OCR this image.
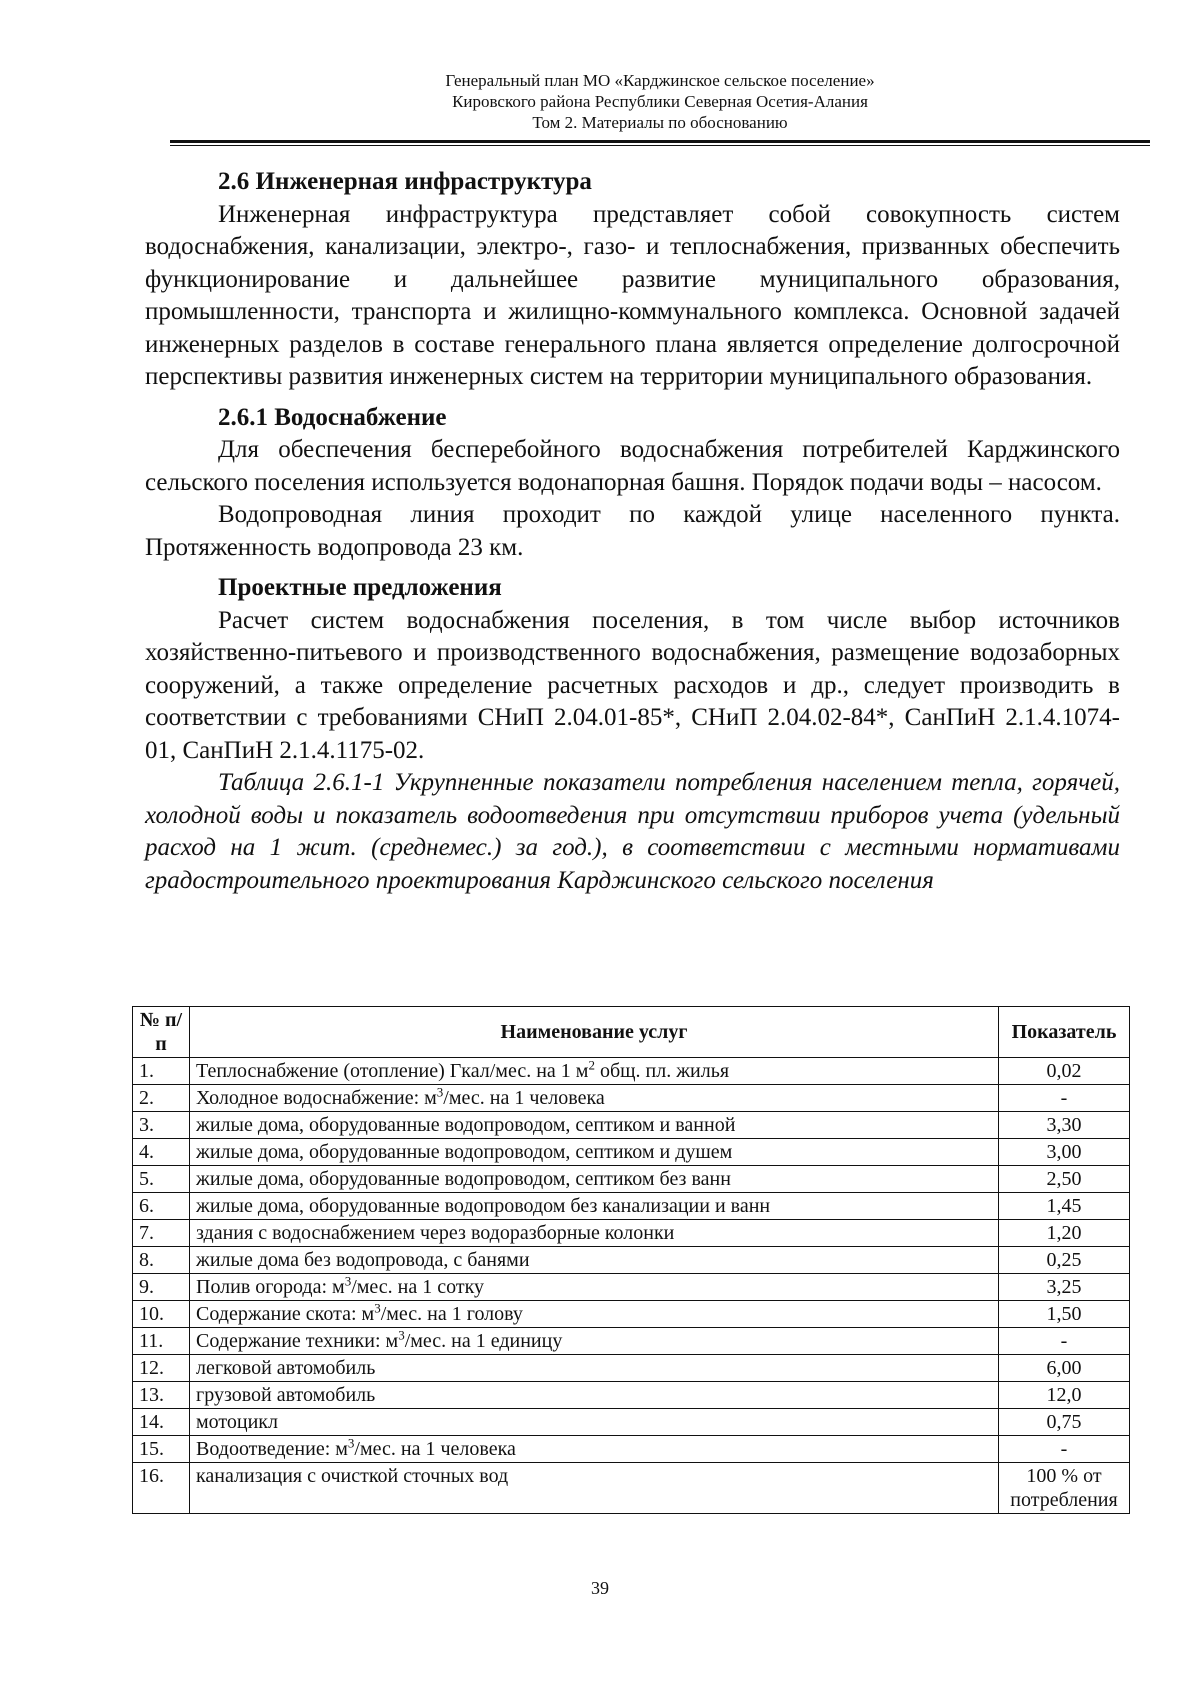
Генеральный план МО «Карджинское сельское поселение»
Кировского района Республики Северная Осетия-Алания
Том 2. Материалы по обоснованию

2.6 Инженерная инфраструктура

Инженерная инфраструктура представляет собой совокупность систем водоснабжения, канализации, электро-, газо- и теплоснабжения, призванных обеспечить функционирование и дальнейшее развитие муниципального образования, промышленности, транспорта и жилищно-коммунального комплекса. Основной задачей инженерных разделов в составе генерального плана является определение долгосрочной перспективы развития инженерных систем на территории муниципального образования.

2.6.1 Водоснабжение

Для обеспечения бесперебойного водоснабжения потребителей Карджинского сельского поселения используется водонапорная башня. Порядок подачи воды – насосом.

Водопроводная линия проходит по каждой улице населенного пункта. Протяженность водопровода 23 км.

Проектные предложения

Расчет систем водоснабжения поселения, в том числе выбор источников хозяйственно-питьевого и производственного водоснабжения, размещение водозаборных сооружений, а также определение расчетных расходов и др., следует производить в соответствии с требованиями СНиП 2.04.01-85*, СНиП 2.04.02-84*, СанПиН 2.1.4.1074-01, СанПиН 2.1.4.1175-02.

Таблица 2.6.1-1 Укрупненные показатели потребления населением тепла, горячей, холодной воды и показатель водоотведения при отсутствии приборов учета (удельный расход на 1 жит. (среднемес.) за год.), в соответствии с местными нормативами градостроительного проектирования Карджинского сельского поселения

№ п/п	Наименование услуг	Показатель
1.	Теплоснабжение (отопление) Гкал/мес. на 1 $м^2$ общ. пл. жилья	0,02
2.	Холодное водоснабжение: $м^3$/мес. на 1 человека	-
3.	жилые дома, оборудованные водопроводом, септиком и ванной	3,30
4.	жилые дома, оборудованные водопроводом, септиком и душем	3,00
5.	жилые дома, оборудованные водопроводом, септиком без ванн	2,50
6.	жилые дома, оборудованные водопроводом без канализации и ванн	1,45
7.	здания с водоснабжением через водоразборные колонки	1,20
8.	жилые дома без водопровода, с банями	0,25
9.	Полив огорода: $м^3$/мес. на 1 сотку	3,25
10.	Содержание скота: $м^3$/мес. на 1 голову	1,50
11.	Содержание техники: $м^3$/мес. на 1 единицу	-
12.	легковой автомобиль	6,00
13.	грузовой автомобиль	12,0
14.	мотоцикл	0,75
15.	Водоотведение: $м^3$/мес. на 1 человека	-
16.	канализация с очисткой сточных вод	100 % от потребления
39
